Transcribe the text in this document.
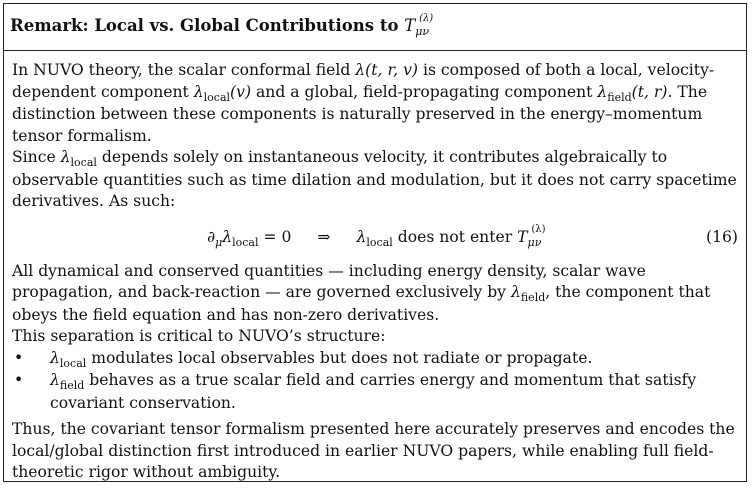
Remark: Local vs. Global Contributions to $T_{\mu\nu}^{(\lambda)}$

In NUVO theory, the scalar conformal field λ(t, r, v) is composed of both a local, velocity-dependent component $\lambda_{local}(v)$ and a global, field-propagating component $\lambda_{field}(t$, r). The distinction between these components is naturally preserved in the energy–momentum tensor formalism.

Since $\lambda_{local}$ depends solely on instantaneous velocity, it contributes algebraically to observable quantities such as time dilation and modulation, but it does not carry spacetime derivatives. As such:

$\partial_\mu\lambda_{local} = 0$ ⇒ $\lambda_{local}$ does not enter $T_{\mu\nu}^{(\lambda)}$	(16)

All dynamical and conserved quantities — including energy density, scalar wave propagation, and back-reaction — are governed exclusively by $\lambda_{field}$, the component that obeys the field equation and has non-zero derivatives.

This separation is critical to NUVO’s structure:

• $\lambda_{local}$ modulates local observables but does not radiate or propagate.
• $\lambda_{field}$ behaves as a true scalar field and carries energy and momentum that satisfy covariant conservation.

Thus, the covariant tensor formalism presented here accurately preserves and encodes the local/global distinction first introduced in earlier NUVO papers, while enabling full field-theoretic rigor without ambiguity.
